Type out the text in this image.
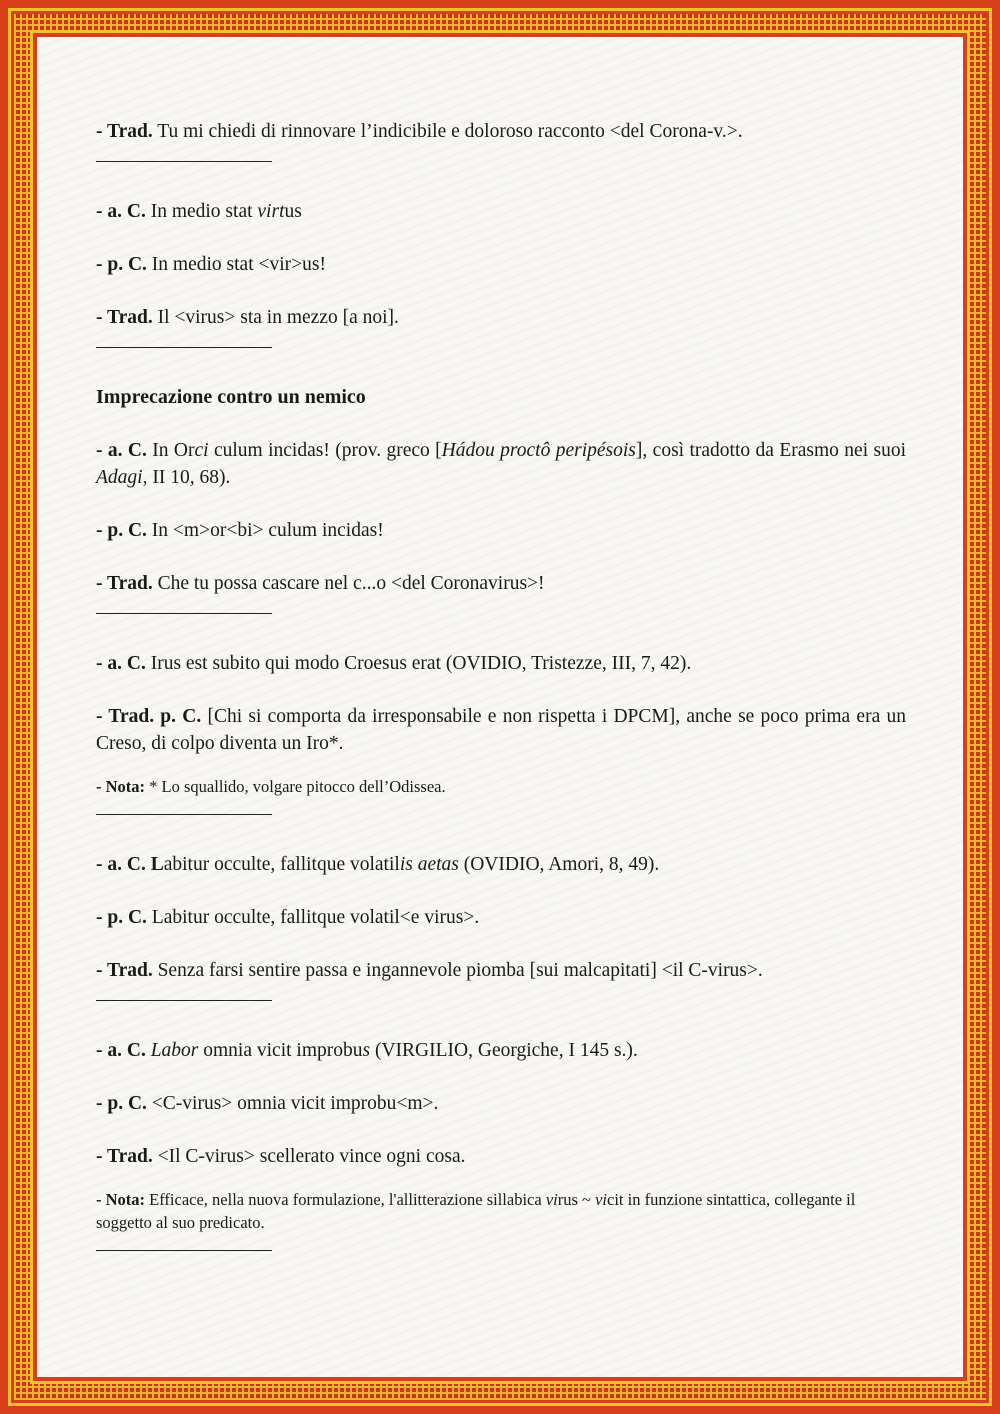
- Trad. Tu mi chiedi di rinnovare l’indicibile e doloroso racconto <del Corona-v.>.

- a. C. In medio stat virtus

- p. C. In medio stat <vir>us!

- Trad. Il <virus> sta in mezzo [a noi].

Imprecazione contro un nemico

- a. C. In Orci culum incidas! (prov. greco [Hádou proctô peripésois], così tradotto da Erasmo nei suoi Adagi, II 10, 68).

- p. C. In <m>or<bi> culum incidas!

- Trad. Che tu possa cascare nel c...o <del Coronavirus>!

- a. C. Irus est subito qui modo Croesus erat (OVIDIO, Tristezze, III, 7, 42).

- Trad. p. C. [Chi si comporta da irresponsabile e non rispetta i DPCM], anche se poco prima era un Creso, di colpo diventa un Iro*.

- Nota: * Lo squallido, volgare pitocco dell’Odissea.

- a. C. Labitur occulte, fallitque volatilis aetas (OVIDIO, Amori, 8, 49).

- p. C. Labitur occulte, fallitque volatil<e virus>.

- Trad. Senza farsi sentire passa e ingannevole piomba [sui malcapitati] <il C-virus>.

- a. C. Labor omnia vicit improbus (VIRGILIO, Georgiche, I 145 s.).

- p. C. <C-virus> omnia vicit improbu<m>.

- Trad. <Il C-virus> scellerato vince ogni cosa.

- Nota: Efficace, nella nuova formulazione, l'allitterazione sillabica virus ~ vicit in funzione sintattica, collegante il soggetto al suo predicato.
